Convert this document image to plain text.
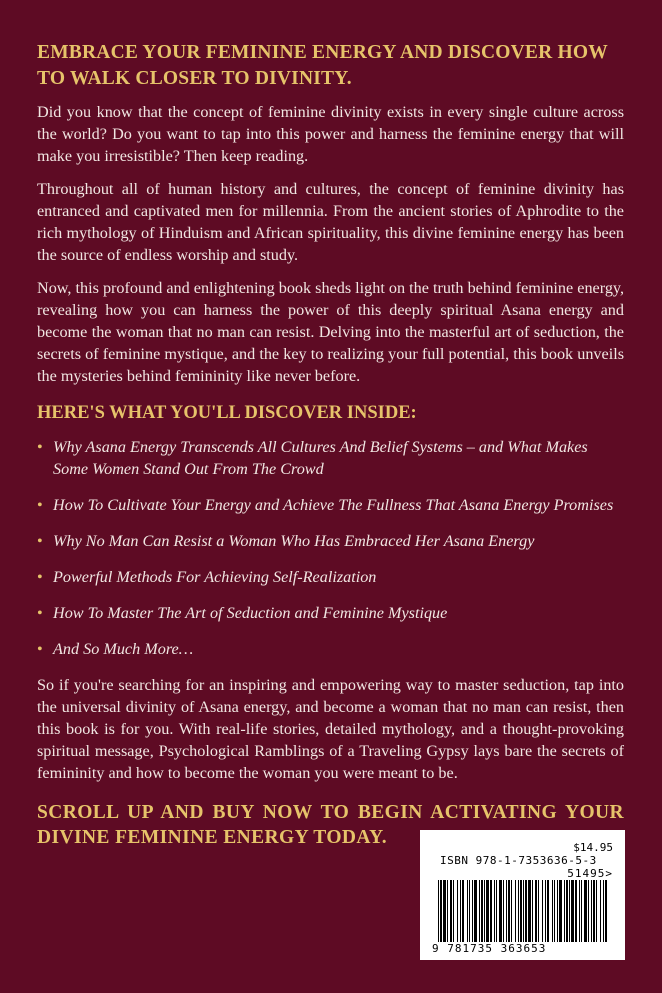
EMBRACE YOUR FEMININE ENERGY AND DISCOVER HOW TO WALK CLOSER TO DIVINITY.

Did you know that the concept of feminine divinity exists in every single culture across the world? Do you want to tap into this power and harness the feminine energy that will make you irresistible? Then keep reading.

Throughout all of human history and cultures, the concept of feminine divinity has entranced and captivated men for millennia. From the ancient stories of Aphrodite to the rich mythology of Hinduism and African spirituality, this divine feminine energy has been the source of endless worship and study.

Now, this profound and enlightening book sheds light on the truth behind feminine energy, revealing how you can harness the power of this deeply spiritual Asana energy and become the woman that no man can resist. Delving into the masterful art of seduction, the secrets of feminine mystique, and the key to realizing your full potential, this book unveils the mysteries behind femininity like never before.

HERE'S WHAT YOU'LL DISCOVER INSIDE:
• Why Asana Energy Transcends All Cultures And Belief Systems – and What Makes Some Women Stand Out From The Crowd
• How To Cultivate Your Energy and Achieve The Fullness That Asana Energy Promises
• Why No Man Can Resist a Woman Who Has Embraced Her Asana Energy
• Powerful Methods For Achieving Self-Realization
• How To Master The Art of Seduction and Feminine Mystique
• And So Much More…

So if you're searching for an inspiring and empowering way to master seduction, tap into the universal divinity of Asana energy, and become a woman that no man can resist, then this book is for you. With real-life stories, detailed mythology, and a thought-provoking spiritual message, Psychological Ramblings of a Traveling Gypsy lays bare the secrets of femininity and how to become the woman you were meant to be.

SCROLL UP AND BUY NOW TO BEGIN ACTIVATING YOUR DIVINE FEMININE ENERGY TODAY.	$14.95
ISBN 978-1-7353636-5-3
51495>
9 781735 363653
